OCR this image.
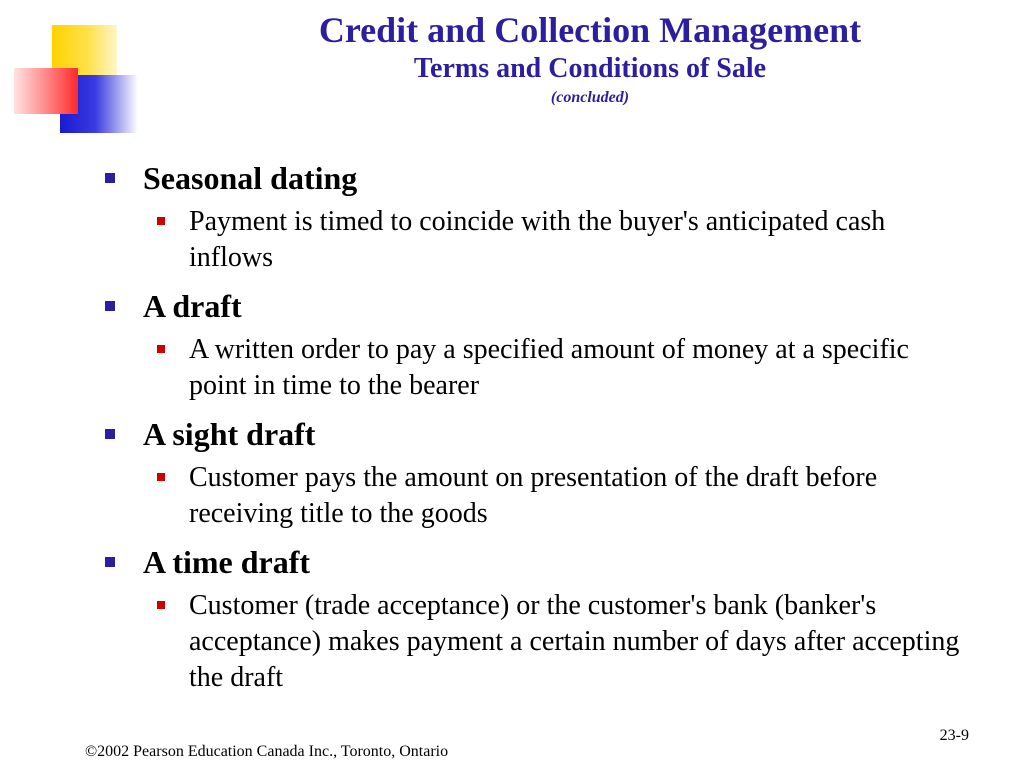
Credit and Collection Management
Terms and Conditions of Sale
(concluded)
Seasonal dating
Payment is timed to coincide with the buyer's anticipated cash inflows
A draft
A written order to pay a specified amount of money at a specific point in time to the bearer
A sight draft
Customer pays the amount on presentation of the draft before receiving title to the goods
A time draft
Customer (trade acceptance) or the customer's bank (banker's acceptance) makes payment a certain number of days after accepting the draft
23-9
©2002 Pearson Education Canada Inc., Toronto, Ontario
